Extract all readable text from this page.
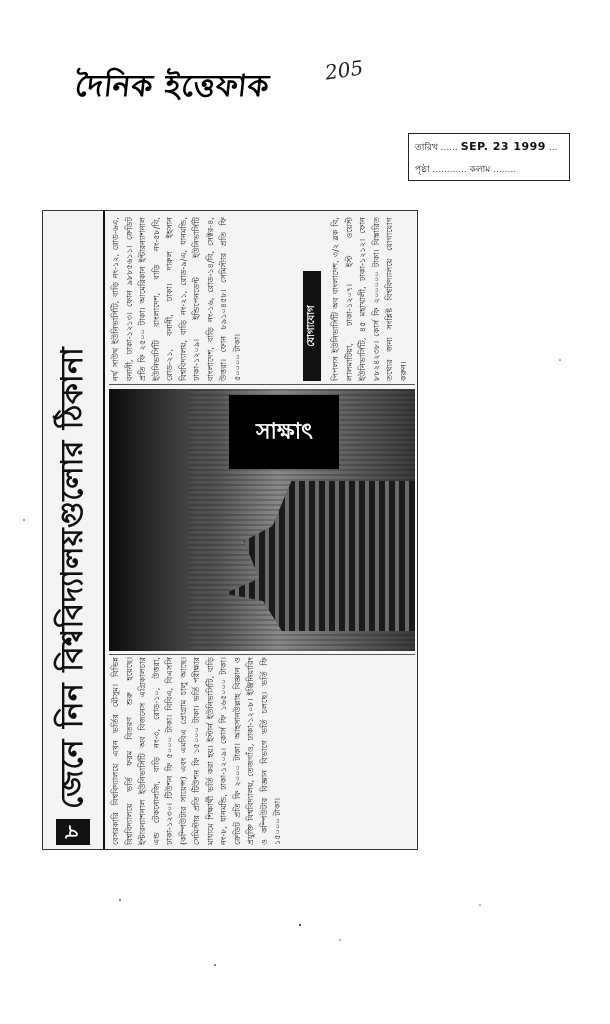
দৈনিক ইত্তেফাক	205
তারিখ ...... SEP. 23 1999 ...
পৃষ্ঠা ............ কলাম ........
৮
জেনে নিন বিশ্ববিদ্যালয়গুলোর ঠিকানা	বেসরকারি বিশ্ববিদ্যালয়ে এখন ভর্তির মৌসুম। বিভিন্ন বিশ্ববিদ্যালয়ে ভর্তি ফরম বিতরণ শুরু হয়েছে। ইন্টারন্যাশনাল ইউনিভার্সিটি অব বিজনেস এগ্রিকালচার এন্ড টেকনোলজি, বাড়ি নং-৩, রোড-১০, উত্তরা, ঢাকা-১২৩০। টিউশন ফি ৫০০০ টাকা। বিবিএ, বিএসসি (কম্পিউটার সায়েন্স) এবং এমবিএ প্রোগ্রাম চালু আছে। সেমিস্টার প্রতি টিউশন ফি ১৫০০০ টাকা। ভর্তি পরীক্ষার মাধ্যমে শিক্ষার্থী ভর্তি করা হয়। ইস্টার্ন ইউনিভার্সিটি, বাড়ি নং-৮, ধানমন্ডি, ঢাকা-১২০৯। কোর্স ফি ১৬৫০০০ টাকা। ক্রেডিট প্রতি ফি ২০০০ টাকা। আহসানউল্লাহ বিজ্ঞান ও প্রযুক্তি বিশ্ববিদ্যালয়, তেজগাঁও, ঢাকা-১২০৮। ইঞ্জিনিয়ারিং ও কম্পিউটার বিজ্ঞান বিভাগে ভর্তি চলছে। ভর্তি ফি ১৫০০০ টাকা।
সাক্ষাৎ
নর্থ সাউথ ইউনিভার্সিটি, বাড়ি নং-১২, রোড-৬এ, বনানী, ঢাকা-১২১৩। ফোন ৯৮৮৫৬১১। ক্রেডিট প্রতি ফি ২৫০০ টাকা। আমেরিকান ইন্টারন্যাশনাল ইউনিভার্সিটি বাংলাদেশ, বাড়ি নং-৫৮/বি, রোড-২১, বনানী, ঢাকা। দারুল ইহসান বিশ্ববিদ্যালয়, বাড়ি নং-২১, রোড-৯/এ, ধানমন্ডি, ঢাকা-১২০৯। ইন্ডিপেনডেন্ট ইউনিভার্সিটি বাংলাদেশ, বাড়ি নং-১৬, রোড-১৪/বি, সেক্টর-৪, উত্তরা। ফোন ৮৯১০৪৫৮। সেমিস্টার প্রতি ফি ৫০০০০ টাকা।
যোগাযোগ	পিপলস ইউনিভার্সিটি অব বাংলাদেশ, ৩/২ ব্লক বি, লালমাটিয়া, ঢাকা-১২০৭। ইস্ট ওয়েস্ট ইউনিভার্সিটি, ৪৫ মহাখালী, ঢাকা-১২১২। ফোন ৮৮২৪২৩৮। কোর্স ফি ২০০০০০ টাকা। বিস্তারিত তথ্যের জন্য সংশ্লিষ্ট বিশ্ববিদ্যালয়ে যোগাযোগ করুন।
